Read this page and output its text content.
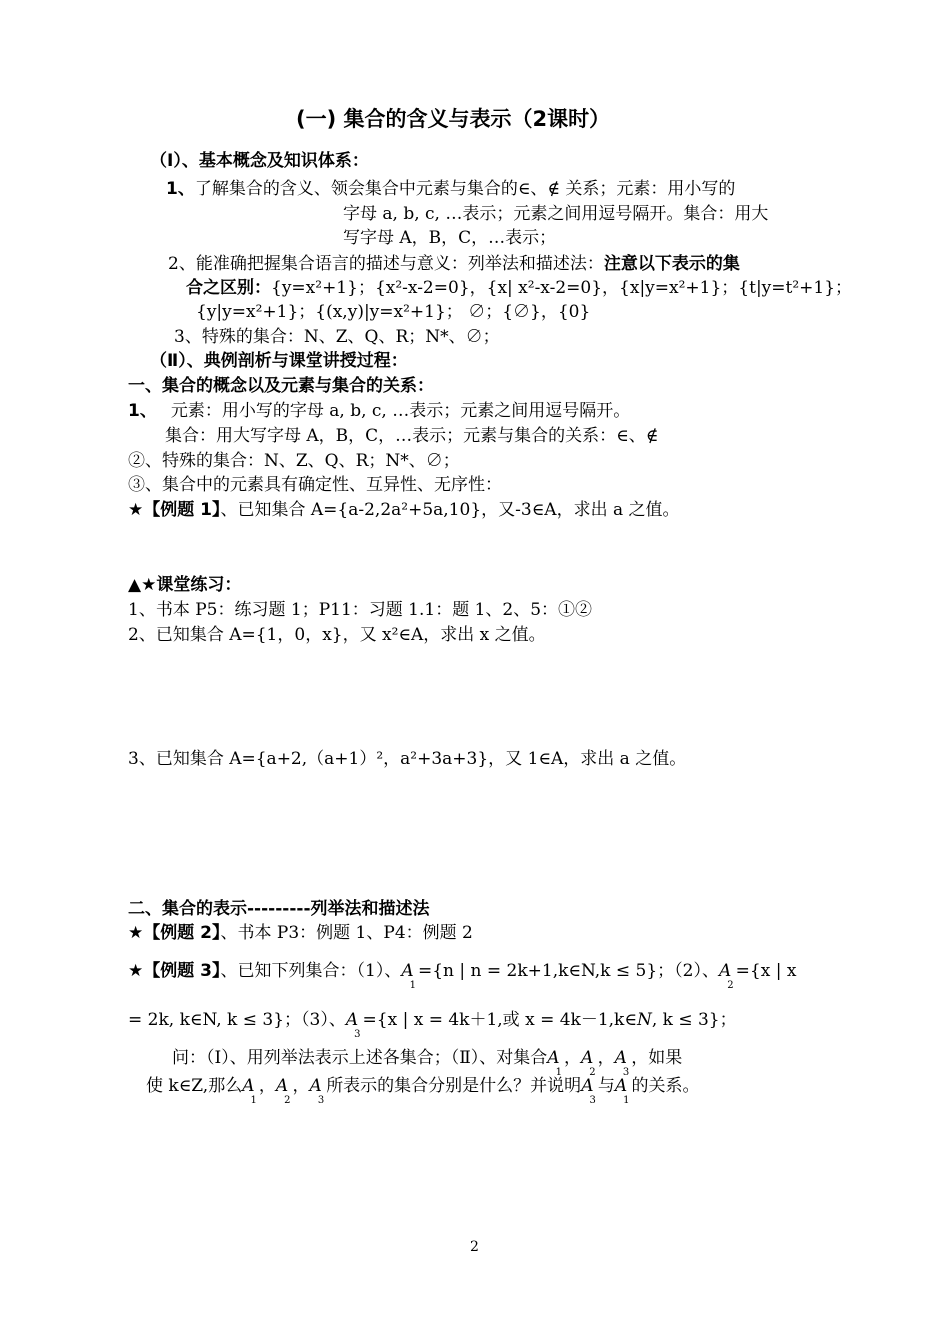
(一) 集合的含义与表示（2课时）
（Ⅰ）、基本概念及知识体系：
1、了解集合的含义、领会集合中元素与集合的∈、∉ 关系；元素：用小写的
字母 a, b, c, …表示；元素之间用逗号隔开。集合：用大
写字母 A，B，C，…表示；
2、能准确把握集合语言的描述与意义：列举法和描述法：注意以下表示的集
合之区别：{y=x²+1}；{x²-x-2=0}，{x| x²-x-2=0}，{x|y=x²+1}；{t|y=t²+1}；
{y|y=x²+1}；{(x,y)|y=x²+1}； ∅；{∅}，{0}
3、特殊的集合：N、Z、Q、R；N*、∅；
（Ⅱ）、典例剖析与课堂讲授过程：
一、集合的概念以及元素与集合的关系：
1、 元素：用小写的字母 a, b, c, …表示；元素之间用逗号隔开。
集合：用大写字母 A，B，C，…表示；元素与集合的关系：∈、∉
②、特殊的集合：N、Z、Q、R；N*、∅；
③、集合中的元素具有确定性、互异性、无序性：
★【例题 1】、已知集合 A={a-2,2a²+5a,10}，又-3∈A，求出 a 之值。
▲★课堂练习：
1、书本 P5：练习题 1；P11：习题 1.1：题 1、2、5：①②
2、已知集合 A={1，0，x}，又 x²∈A，求出 x 之值。
3、已知集合 A={a+2,（a+1）²，a²+3a+3}，又 1∈A，求出 a 之值。
二、集合的表示---------列举法和描述法
★【例题 2】、书本 P3：例题 1、P4：例题 2
★【例题 3】、已知下列集合：（1）、$A_1=\{n$ | n = 2k+1,k∈N,k ≤ 5}；（2）、$A_2=\{x$ | x
= 2k, k∈N, k ≤ 3}；（3）、$A_3=\{x$ | x = 4k＋1,或 x = 4k－1,k∈N, k ≤ 3}；
问：（Ⅰ）、用列举法表示上述各集合；（Ⅱ）、对集合$A_1$，$A_2$，$A_3$，如果
使 k∈Z,那么$A_1$，$A_2$，$A_3$所表示的集合分别是什么？并说明$A_3$与$A_1$的关系。
2
